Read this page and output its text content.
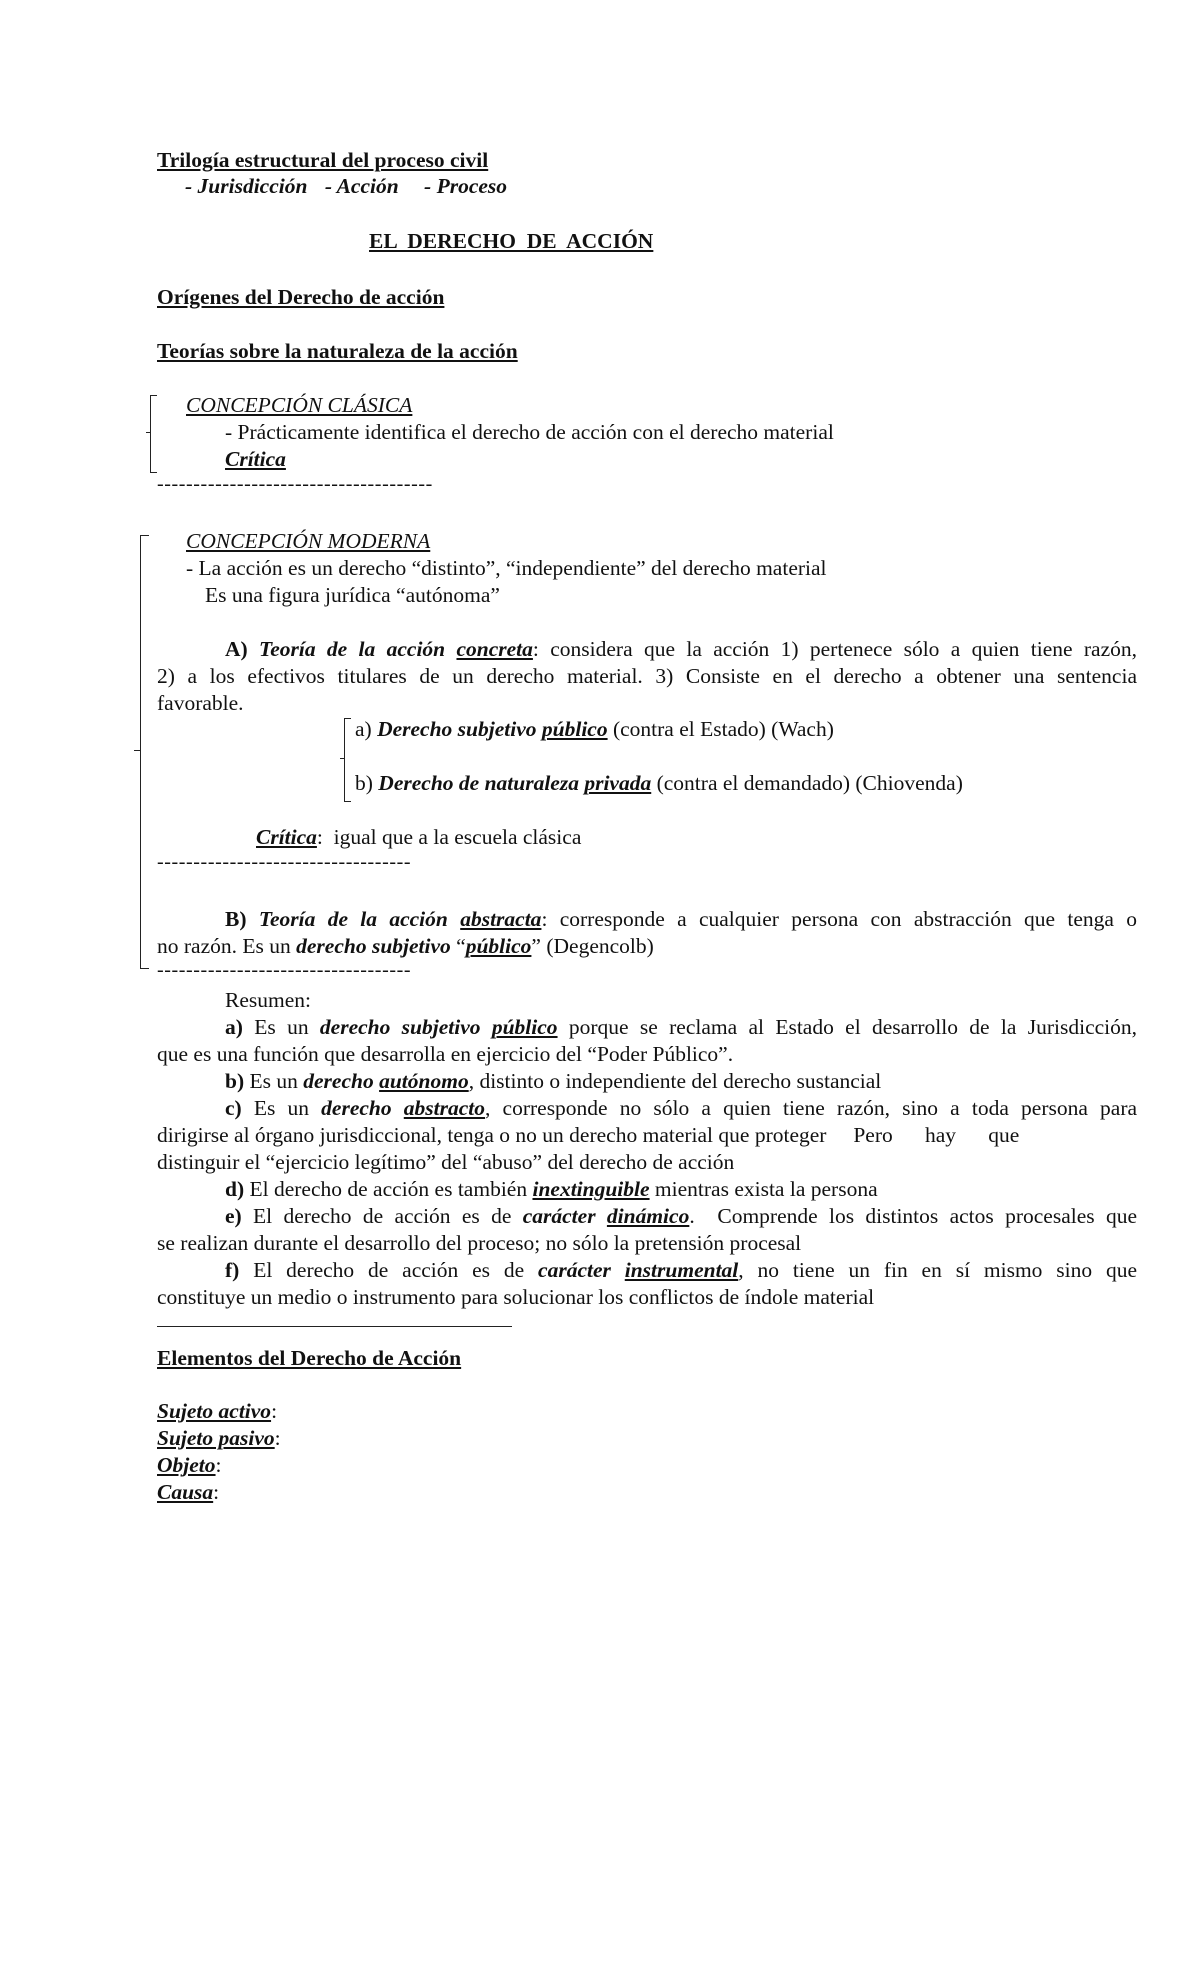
Trilogía estructural del proceso civil
- Jurisdicción - Acción - Proceso
EL  DERECHO  DE  ACCIÓN
Orígenes del Derecho de acción
Teorías sobre la naturaleza de la acción
CONCEPCIÓN CLÁSICA
- Prácticamente identifica el derecho de acción con el derecho material
Crítica
--------------------------------------
CONCEPCIÓN MODERNA
- La acción es un derecho “distinto”, “independiente” del derecho material
Es una figura jurídica “autónoma”
A) Teoría de la acción concreta: considera que la acción 1) pertenece sólo a quien tiene razón,
2) a los efectivos titulares de un derecho material. 3) Consiste en el derecho a obtener una sentencia
favorable.
a) Derecho subjetivo público (contra el Estado) (Wach)
b) Derecho de naturaleza privada (contra el demandado) (Chiovenda)
Crítica:  igual que a la escuela clásica
-----------------------------------
B) Teoría de la acción abstracta: corresponde a cualquier persona con abstracción que tenga o
no razón. Es un derecho subjetivo “público” (Degencolb)
-----------------------------------
Resumen:
a) Es un derecho subjetivo público porque se reclama al Estado el desarrollo de la Jurisdicción,
que es una función que desarrolla en ejercicio del “Poder Público”.
b) Es un derecho autónomo, distinto o independiente del derecho sustancial
c) Es un derecho abstracto, corresponde no sólo a quien tiene razón, sino a toda persona para
dirigirse al órgano jurisdiccional, tenga o no un derecho material que proteger     Pero      hay      que
distinguir el “ejercicio legítimo” del “abuso” del derecho de acción
d) El derecho de acción es también inextinguible mientras exista la persona
e) El derecho de acción es de carácter dinámico.  Comprende los distintos actos procesales que
se realizan durante el desarrollo del proceso; no sólo la pretensión procesal
f) El derecho de acción es de carácter instrumental, no tiene un fin en sí mismo sino que
constituye un medio o instrumento para solucionar los conflictos de índole material
Elementos del Derecho de Acción
Sujeto activo:
Sujeto pasivo:
Objeto:
Causa:
